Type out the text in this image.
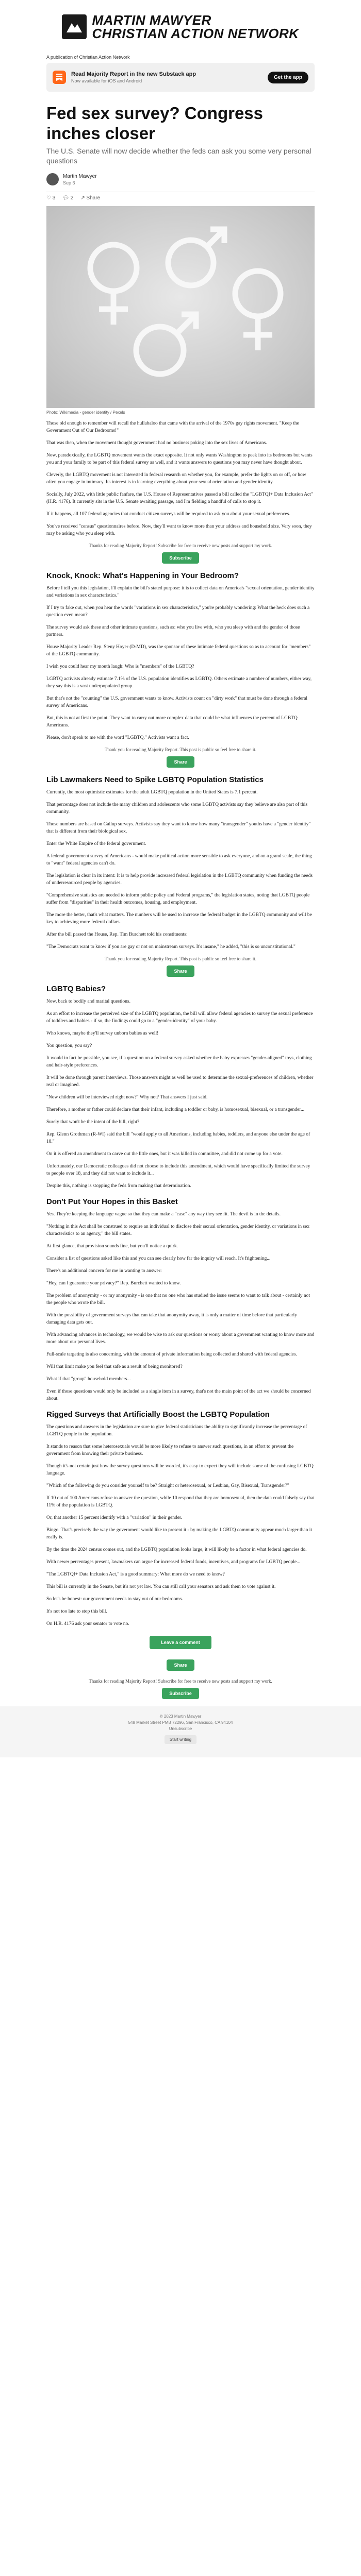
MARTIN MAWYER
CHRISTIAN ACTION NETWORK
A publication of Christian Action Network
Read Majority Report in the new Substack app
Now available for iOS and Android
Get the app
Fed sex survey? Congress inches closer
The U.S. Senate will now decide whether the feds can ask you some very personal questions
Martin Mawyer
Sep 6
♡ 3 💬︎ 2 ↗ Share
Photo: Wikimedia - gender identity / Pexels

Those old enough to remember will recall the hullabaloo that came with the arrival of the 1970s gay rights movement. "Keep the Government Out of Our Bedrooms!"

That was then, when the movement thought government had no business poking into the sex lives of Americans.

Now, paradoxically, the LGBTQ movement wants the exact opposite. It not only wants Washington to peek into its bedrooms but wants you and your family to be part of this federal survey as well, and it wants answers to questions you may never have thought about.

Cleverly, the LGBTQ movement is not interested in federal research on whether you, for example, prefer the lights on or off, or how often you engage in intimacy. Its interest is in learning everything about your sexual orientation and gender identity.

Socially, July 2022, with little public fanfare, the U.S. House of Representatives passed a bill called the "LGBTQI+ Data Inclusion Act" (H.R. 4176). It currently sits in the U.S. Senate awaiting passage, and I'm fielding a handful of calls to stop it.

If it happens, all 107 federal agencies that conduct citizen surveys will be required to ask you about your sexual preferences.

You've received "census" questionnaires before. Now, they'll want to know more than your address and household size. Very soon, they may be asking who you sleep with.

Thanks for reading Majority Report! Subscribe for free to receive new posts and support my work.
Subscribe
Knock, Knock: What's Happening in Your Bedroom?

Before I tell you this legislation, I'll explain the bill's stated purpose: it is to collect data on America's "sexual orientation, gender identity and variations in sex characteristics."

If I try to fake out, when you hear the words "variations in sex characteristics," you're probably wondering: What the heck does such a question even mean?

The survey would ask these and other intimate questions, such as: who you live with, who you sleep with and the gender of those partners.

House Majority Leader Rep. Steny Hoyer (D-MD), was the sponsor of these intimate federal questions so as to account for "members" of the LGBTQ community.

I wish you could hear my mouth laugh: Who is "members" of the LGBTQ?

LGBTQ activists already estimate 7.1% of the U.S. population identifies as LGBTQ. Others estimate a number of numbers, either way, they say this is a vast underpopulated group.

But that's not the "counting" the U.S. government wants to know. Activists count on "dirty work" that must be done through a federal survey of Americans.

But, this is not at first the point. They want to carry out more complex data that could be what influences the percent of LGBTQ Americans.

Please, don't speak to me with the word "LGBTQ." Activists want a fact.

Thank you for reading Majority Report. This post is public so feel free to share it.
Share
Lib Lawmakers Need to Spike LGBTQ Population Statistics

Currently, the most optimistic estimates for the adult LGBTQ population in the United States is 7.1 percent.

That percentage does not include the many children and adolescents who some LGBTQ activists say they believe are also part of this community.

Those numbers are based on Gallup surveys. Activists say they want to know how many "transgender" youths have a "gender identity" that is different from their biological sex.

Enter the White Empire of the federal government.

A federal government survey of Americans - would make political action more sensible to ask everyone, and on a grand scale, the thing to "want" federal agencies can't do.

The legislation is clear in its intent: It is to help provide increased federal legislation in the LGBTQ community when funding the needs of underresourced people by agencies.

"Comprehensive statistics are needed to inform public policy and Federal programs," the legislation states, noting that LGBTQ people suffer from "disparities" in their health outcomes, housing, and employment.

The more the better, that's what matters. The numbers will be used to increase the federal budget in the LGBTQ community and will be key to achieving more federal dollars.

After the bill passed the House, Rep. Tim Burchett told his constituents:

"The Democrats want to know if you are gay or not on mainstream surveys. It's insane," he added, "this is so unconstitutional."

Thank you for reading Majority Report. This post is public so feel free to share it.
Share
LGBTQ Babies?

Now, back to bodily and marital questions.

As an effort to increase the perceived size of the LGBTQ population, the bill will allow federal agencies to survey the sexual preference of toddlers and babies - if so, the findings could go to a "gender-identity" of your baby.

Who knows, maybe they'll survey unborn babies as well!

You question, you say?

It would in fact be possible, you see, if a question on a federal survey asked whether the baby expresses "gender-aligned" toys, clothing and hair-style preferences.

It will be done through parent interviews. Those answers might as well be used to determine the sexual-preferences of children, whether real or imagined.

"Now children will be interviewed right now?" Why not? That answers I just said.

Therefore, a mother or father could declare that their infant, including a toddler or baby, is homosexual, bisexual, or a transgender...

Surely that won't be the intent of the bill, right?

Rep. Glenn Grothman (R-WI) said the bill "would apply to all Americans, including babies, toddlers, and anyone else under the age of 18."

On it is offered an amendment to carve out the little ones, but it was killed in committee, and did not come up for a vote.

Unfortunately, our Democratic colleagues did not choose to include this amendment, which would have specifically limited the survey to people over 18, and they did not want to include it...

Despite this, nothing is stopping the feds from making that determination.

Don't Put Your Hopes in this Basket

Yes. They're keeping the language vague so that they can make a "case" any way they see fit. The devil is in the details.

"Nothing in this Act shall be construed to require an individual to disclose their sexual orientation, gender identity, or variations in sex characteristics to an agency," the bill states.

At first glance, that provision sounds fine, but you'll notice a quirk.

Consider a list of questions asked like this and you can see clearly how far the inquiry will reach. It's frightening...

There's an additional concern for me in wanting to answer:

"Hey, can I guarantee your privacy?" Rep. Burchett wanted to know.

The problem of anonymity - or my anonymity - is one that no one who has studied the issue seems to want to talk about - certainly not the people who wrote the bill.

With the possibility of government surveys that can take that anonymity away, it is only a matter of time before that particularly damaging data gets out.

With advancing advances in technology, we would be wise to ask our questions or worry about a government wanting to know more and more about our personal lives.

Full-scale targeting is also concerning, with the amount of private information being collected and shared with federal agencies.

Will that limit make you feel that safe as a result of being monitored?

What if that "group" household members...

Even if those questions would only be included as a single item in a survey, that's not the main point of the act we should be concerned about.

Rigged Surveys that Artificially Boost the LGBTQ Population

The questions and answers in the legislation are sure to give federal statisticians the ability to significantly increase the percentage of LGBTQ people in the population.

It stands to reason that some heterosexuals would be more likely to refuse to answer such questions, in an effort to prevent the government from knowing their private business.

Though it's not certain just how the survey questions will be worded, it's easy to expect they will include some of the confusing LGBTQ language.

"Which of the following do you consider yourself to be? Straight or heterosexual, or Lesbian, Gay, Bisexual, Transgender?"

If 10 out of 100 Americans refuse to answer the question, while 10 respond that they are homosexual, then the data could falsely say that 11% of the population is LGBTQ.

Or, that another 15 percent identify with a "variation" in their gender.

Bingo. That's precisely the way the government would like to present it - by making the LGBTQ community appear much larger than it really is.

By the time the 2024 census comes out, and the LGBTQ population looks large, it will likely be a factor in what federal agencies do.

With newer percentages present, lawmakers can argue for increased federal funds, incentives, and programs for LGBTQ people...

"The LGBTQI+ Data Inclusion Act," is a good summary: What more do we need to know?

This bill is currently in the Senate, but it's not yet law. You can still call your senators and ask them to vote against it.

So let's be honest: our government needs to stay out of our bedrooms.

It's not too late to stop this bill.

On H.R. 4176 ask your senator to vote no.

Leave a comment
Share
Thanks for reading Majority Report! Subscribe for free to receive new posts and support my work.
Subscribe
© 2023 Martin Mawyer
548 Market Street PMB 72296, San Francisco, CA 94104
Unsubscribe
Start writing
